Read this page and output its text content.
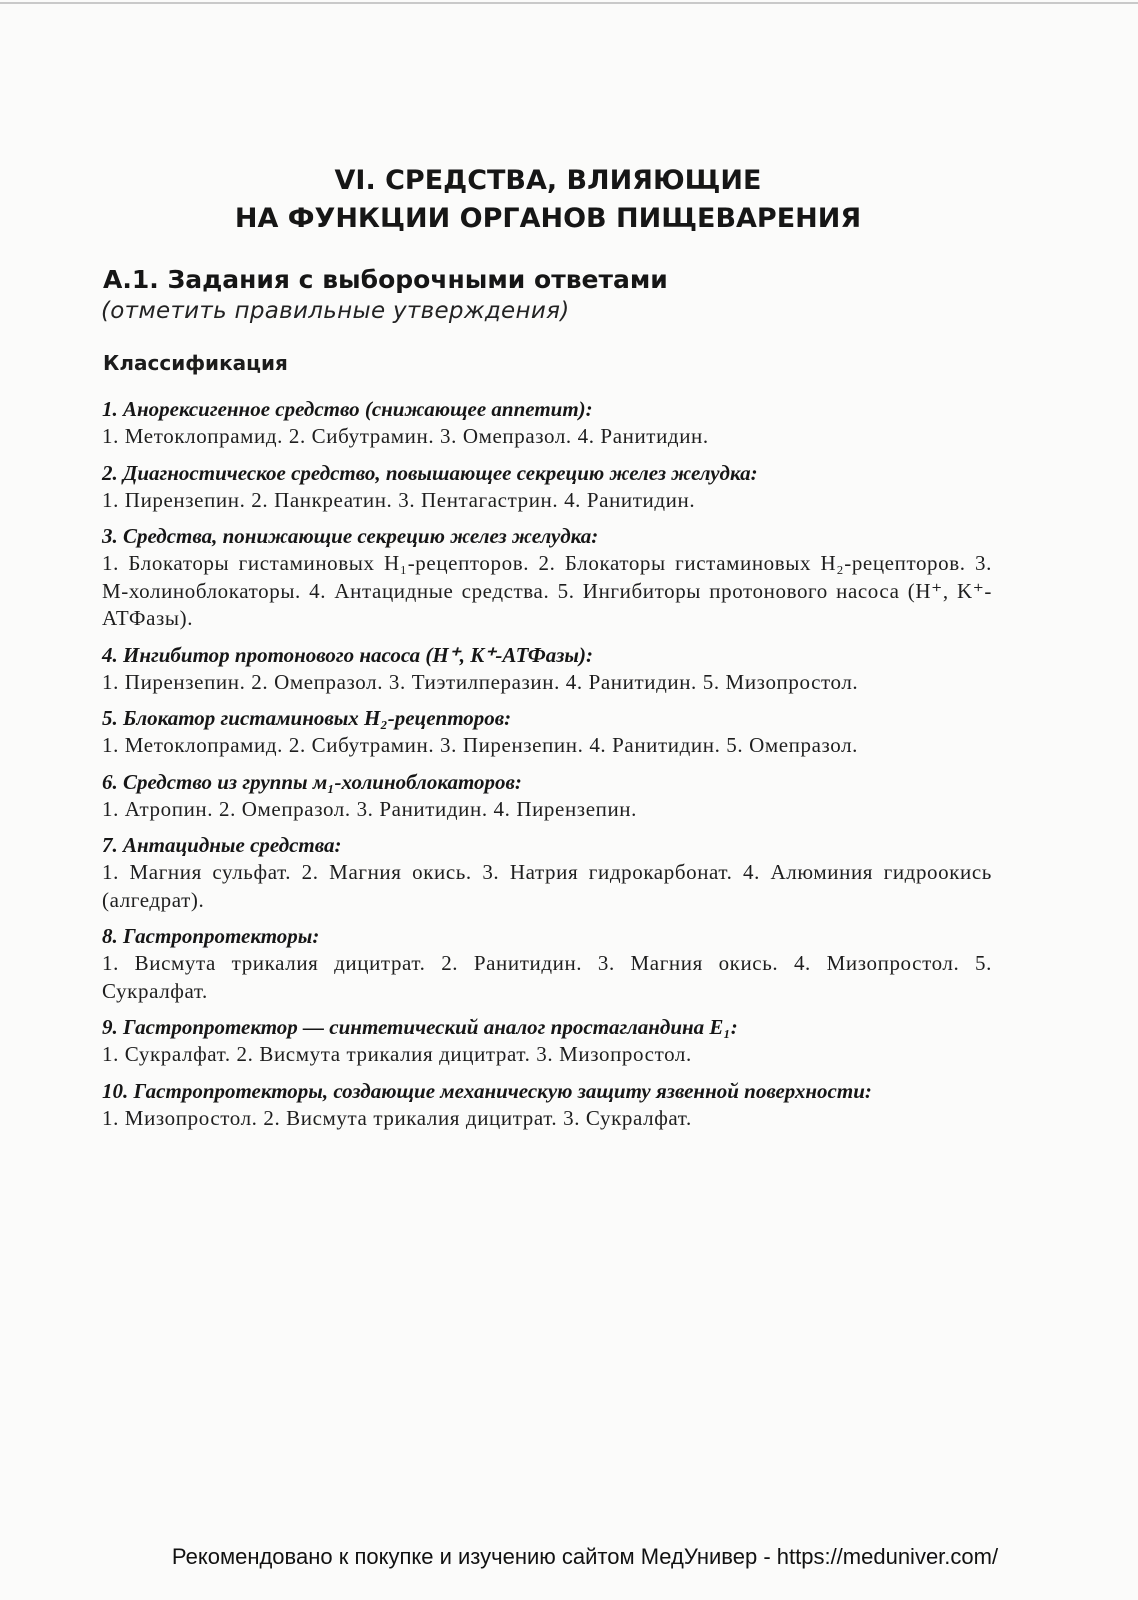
VI. СРЕДСТВА, ВЛИЯЮЩИЕ
НА ФУНКЦИИ ОРГАНОВ ПИЩЕВАРЕНИЯ
А.1. Задания с выборочными ответами

(отметить правильные утверждения)

Классификация

1. Анорексигенное средство (снижающее аппетит):

1. Метоклопрамид. 2. Сибутрамин. 3. Омепразол. 4. Ранитидин.

2. Диагностическое средство, повышающее секрецию желез желудка:

1. Пирензепин. 2. Панкреатин. 3. Пентагастрин. 4. Ранитидин.

3. Средства, понижающие секрецию желез желудка:

1. Блокаторы гистаминовых H₁-рецепторов. 2. Блокаторы гистаминовых H₂-рецепторов. 3. М-холиноблокаторы. 4. Антацидные средства. 5. Ингибиторы протонового насоса (H⁺, K⁺-АТФазы).

4. Ингибитор протонового насоса (H⁺, K⁺-АТФазы):

1. Пирензепин. 2. Омепразол. 3. Тиэтилперазин. 4. Ранитидин. 5. Мизопростол.

5. Блокатор гистаминовых H₂-рецепторов:

1. Метоклопрамид. 2. Сибутрамин. 3. Пирензепин. 4. Ранитидин. 5. Омепразол.

6. Средство из группы м₁-холиноблокаторов:

1. Атропин. 2. Омепразол. 3. Ранитидин. 4. Пирензепин.

7. Антацидные средства:

1. Магния сульфат. 2. Магния окись. 3. Натрия гидрокарбонат. 4. Алюминия гидроокись (алгедрат).

8. Гастропротекторы:

1. Висмута трикалия дицитрат. 2. Ранитидин. 3. Магния окись. 4. Мизопростол. 5. Сукралфат.

9. Гастропротектор — синтетический аналог простагландина E₁:

1. Сукралфат. 2. Висмута трикалия дицитрат. 3. Мизопростол.

10. Гастропротекторы, создающие механическую защиту язвенной поверхности:

1. Мизопростол. 2. Висмута трикалия дицитрат. 3. Сукралфат.

Рекомендовано к покупке и изучению сайтом МедУнивер - https://meduniver.com/
